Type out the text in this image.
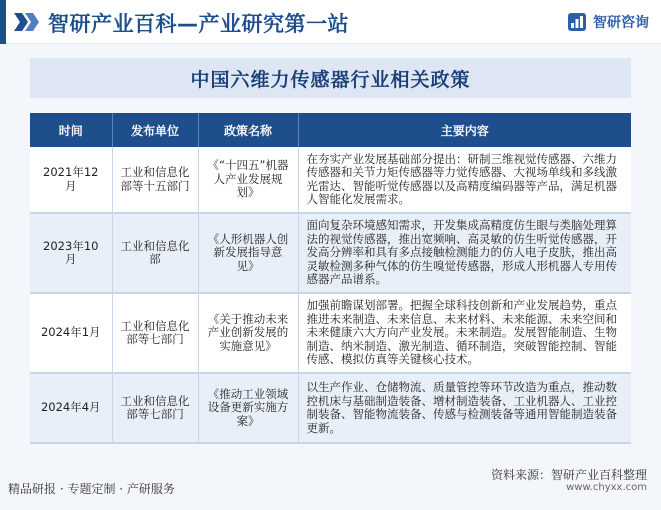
智研产业百科—产业研究第一站	智研咨询
中国六维力传感器行业相关政策
时间	发布单位	政策名称	主要内容
2021年12月	工业和信息化部等十五部门	《“十四五”机器人产业发展规划》	在夯实产业发展基础部分提出：研制三维视觉传感器、六维力传感器和关节力矩传感器等力觉传感器、大视场单线和多线激光雷达、智能听觉传感器以及高精度编码器等产品，满足机器人智能化发展需求。
2023年10月	工业和信息化部	《人形机器人创新发展指导意见》	面向复杂环境感知需求，开发集成高精度仿生眼与类脑处理算法的视觉传感器，推出宽频响、高灵敏的仿生听觉传感器，开发高分辨率和具有多点接触检测能力的仿人电子皮肤，推出高灵敏检测多种气体的仿生嗅觉传感器，形成人形机器人专用传感器产品谱系。
2024年1月	工业和信息化部等七部门	《关于推动未来产业创新发展的实施意见》	加强前瞻谋划部署。把握全球科技创新和产业发展趋势，重点推进未来制造、未来信息、未来材料、未来能源、未来空间和未来健康六大方向产业发展。未来制造。发展智能制造、生物制造、纳米制造、激光制造、循环制造，突破智能控制、智能传感、模拟仿真等关键核心技术。
2024年4月	工业和信息化部等七部门	《推动工业领域设备更新实施方案》	以生产作业、仓储物流、质量管控等环节改造为重点，推动数控机床与基础制造装备、增材制造装备、工业机器人、工业控制装备、智能物流装备、传感与检测装备等通用智能制造装备更新。
资料来源：智研产业百科整理
www.chyxx.com
精品研报 · 专题定制 · 产研服务
